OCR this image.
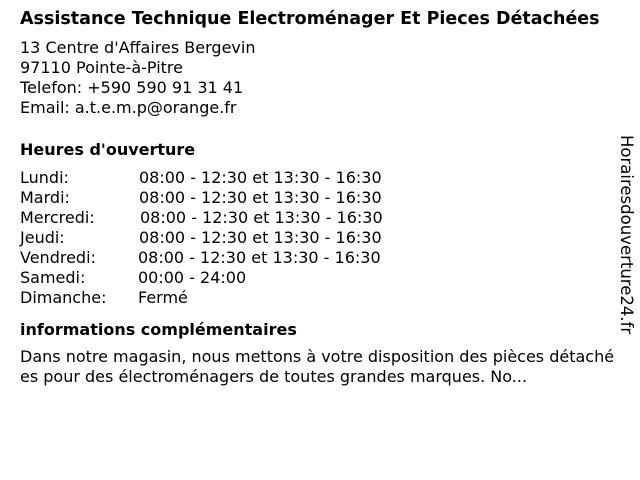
Assistance Technique Electroménager Et Pieces Détachées
13 Centre d'Affaires Bergevin
97110 Pointe-à-Pitre
Telefon: +590 590 91 31 41
Email: a.t.e.m.p@orange.fr
Heures d'ouverture
Lundi:	08:00 - 12:30 et 13:30 - 16:30
Mardi:	08:00 - 12:30 et 13:30 - 16:30
Mercredi:	08:00 - 12:30 et 13:30 - 16:30
Jeudi:	08:00 - 12:30 et 13:30 - 16:30
Vendredi:	08:00 - 12:30 et 13:30 - 16:30
Samedi:	00:00 - 24:00
Dimanche: Fermé
informations complémentaires
Dans notre magasin, nous mettons à votre disposition des pièces détachées pour des électroménagers de toutes grandes marques. No...
Horairesdouverture24.fr
